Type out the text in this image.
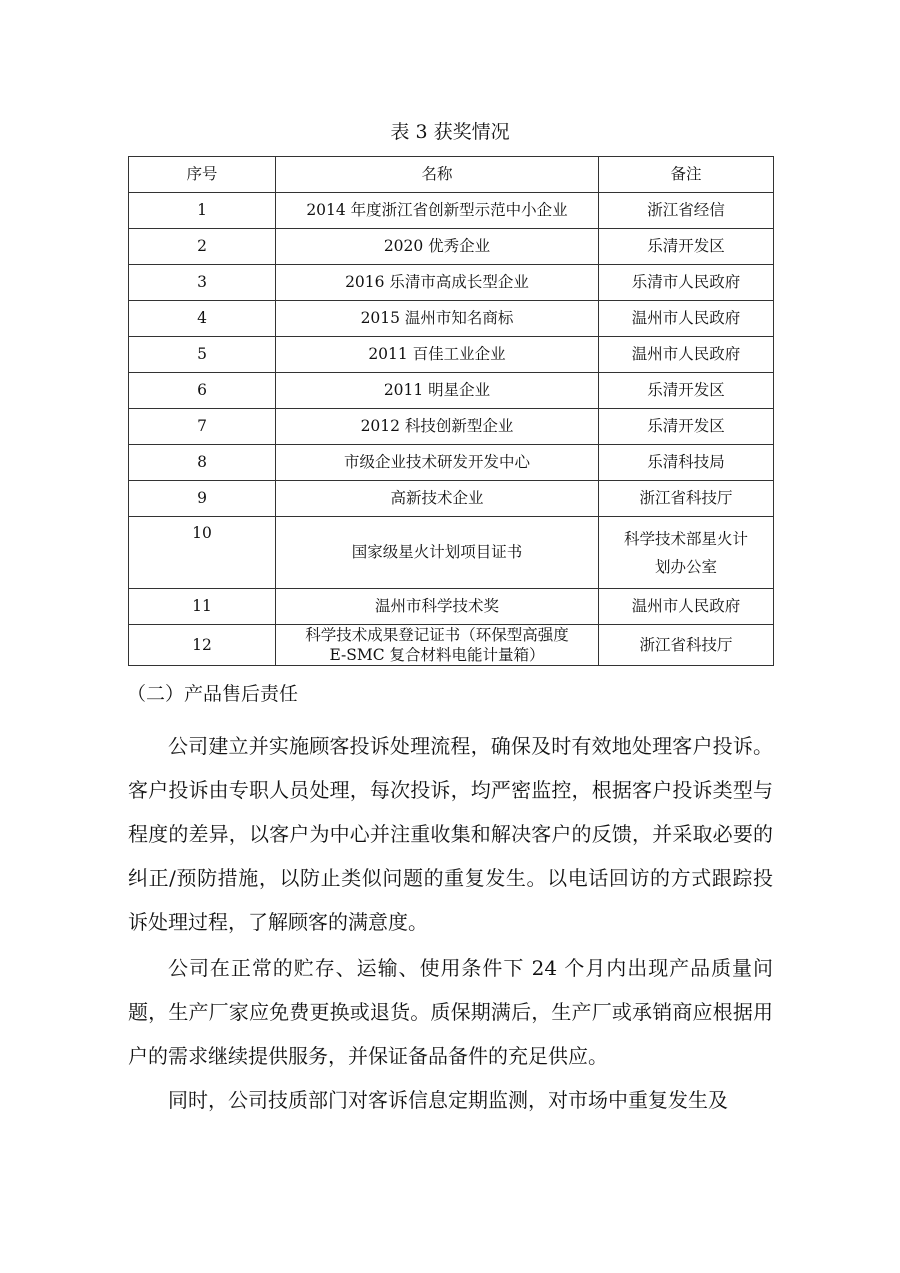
表 3 获奖情况
序号	名称	备注
1	2014 年度浙江省创新型示范中小企业	浙江省经信
2	2020 优秀企业	乐清开发区
3	2016 乐清市高成长型企业	乐清市人民政府
4	2015 温州市知名商标	温州市人民政府
5	2011 百佳工业企业	温州市人民政府
6	2011 明星企业	乐清开发区
7	2012 科技创新型企业	乐清开发区
8	市级企业技术研发开发中心	乐清科技局
9	高新技术企业	浙江省科技厅
10	国家级星火计划项目证书	科学技术部星火计
划办公室

11	温州市科学技术奖	温州市人民政府
12	科学技术成果登记证书（环保型高强度
E-SMC 复合材料电能计量箱）	浙江省科技厅
（二）产品售后责任

公司建立并实施顾客投诉处理流程，确保及时有效地处理客户投诉。客户投诉由专职人员处理，每次投诉，均严密监控，根据客户投诉类型与程度的差异，以客户为中心并注重收集和解决客户的反馈，并采取必要的纠正/预防措施，以防止类似问题的重复发生。以电话回访的方式跟踪投诉处理过程，了解顾客的满意度。

公司在正常的贮存、运输、使用条件下 24 个月内出现产品质量问题，生产厂家应免费更换或退货。质保期满后，生产厂或承销商应根据用户的需求继续提供服务，并保证备品备件的充足供应。

同时，公司技质部门对客诉信息定期监测，对市场中重复发生及
